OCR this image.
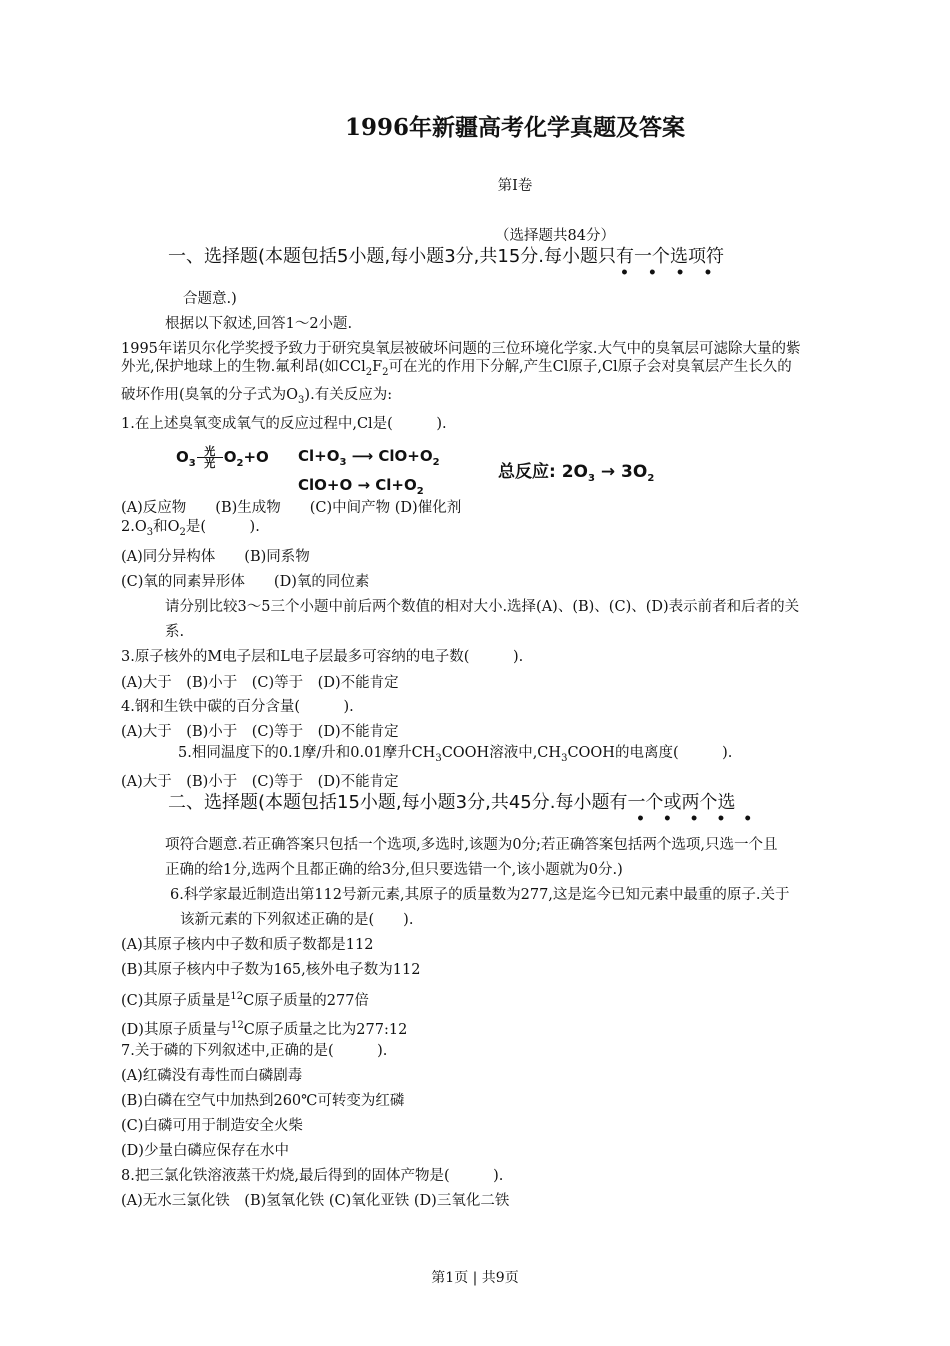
1996年新疆高考化学真题及答案
第I卷
（选择题共84分）
一、选择题(本题包括5小题,每小题3分,共15分.每小题只有一个选项符
• • • •
合题意.)
根据以下叙述,回答1～2小题.
1995年诺贝尔化学奖授予致力于研究臭氧层被破坏问题的三位环境化学家.大气中的臭氧层可滤除大量的紫
外光,保护地球上的生物.氟利昂(如$CCl_2F_2$可在光的作用下分解,产生Cl原子,Cl原子会对臭氧层产生长久的
破坏作用(臭氧的分子式为$O_3$).有关反应为:
1.在上述臭氧变成氧气的反应过程中,Cl是(　　　).
$O_3 \frac{\text{光}}{\text{光}} O_2+O$ $Cl+O_3$ ⟶ $ClO+O_2$
$ClO+O \to Cl+O_2$
总反应: $2O_3 \to 3O_2$
(A)反应物　　(B)生成物　　(C)中间产物 (D)催化剂
$2.O_3$和$O_2$是(　　　).
(A)同分异构体　　(B)同系物
(C)氧的同素异形体　　(D)氧的同位素
请分别比较3～5三个小题中前后两个数值的相对大小.选择(A)、(B)、(C)、(D)表示前者和后者的关
系.
3.原子核外的M电子层和L电子层最多可容纳的电子数(　　　).
(A)大于　(B)小于　(C)等于　(D)不能肯定
4.钢和生铁中碳的百分含量(　　　).
(A)大于　(B)小于　(C)等于　(D)不能肯定
5.相同温度下的0.1摩/升和0.01摩升$CH_3COOH$溶液中$,CH_3COOH$的电离度(　　　).
(A)大于　(B)小于　(C)等于　(D)不能肯定
二、选择题(本题包括15小题,每小题3分,共45分.每小题有一个或两个选
• • • • •
项符合题意.若正确答案只包括一个选项,多选时,该题为0分;若正确答案包括两个选项,只选一个且
正确的给1分,选两个且都正确的给3分,但只要选错一个,该小题就为0分.)
6.科学家最近制造出第112号新元素,其原子的质量数为277,这是迄今已知元素中最重的原子.关于
该新元素的下列叙述正确的是(　　).
(A)其原子核内中子数和质子数都是112
(B)其原子核内中子数为165,核外电子数为112
(C)其原子质量是$^{12}$C原子质量的277倍
(D)其原子质量与$^{12}$C原子质量之比为277:12
7.关于磷的下列叙述中,正确的是(　　　).
(A)红磷没有毒性而白磷剧毒
(B)白磷在空气中加热到260℃可转变为红磷
(C)白磷可用于制造安全火柴
(D)少量白磷应保存在水中
8.把三氯化铁溶液蒸干灼烧,最后得到的固体产物是(　　　).
(A)无水三氯化铁　(B)氢氧化铁 (C)氧化亚铁 (D)三氧化二铁
第1页 | 共9页
